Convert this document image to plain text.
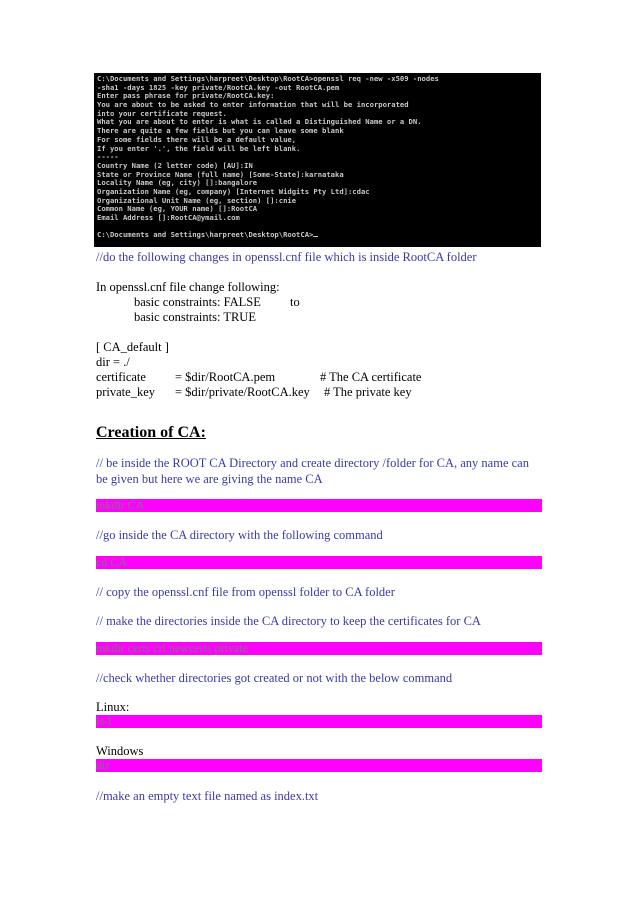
C:\Documents and Settings\harpreet\Desktop\RootCA>openssl req -new -x509 -nodes
-sha1 -days 1825 -key private/RootCA.key -out RootCA.pem
Enter pass phrase for private/RootCA.key:
You are about to be asked to enter information that will be incorporated
into your certificate request.
What you are about to enter is what is called a Distinguished Name or a DN.
There are quite a few fields but you can leave some blank
For some fields there will be a default value,
If you enter '.', the field will be left blank.
-----
Country Name (2 letter code) [AU]:IN
State or Province Name (full name) [Some-State]:karnataka
Locality Name (eg, city) []:bangalore
Organization Name (eg, company) [Internet Widgits Pty Ltd]:cdac
Organizational Unit Name (eg, section) []:cnie
Common Name (eg, YOUR name) []:RootCA
Email Address []:RootCA@ymail.com
C:\Documents and Settings\harpreet\Desktop\RootCA>
//do the following changes in openssl.cnf file which is inside RootCA folder
In openssl.cnf file change following:
basic constraints: FALSE to
basic constraints: TRUE
[ CA_default ]
dir = ./
certificate = $dir/RootCA.pem	# The CA certificate
private_key = $dir/private/RootCA.key # The private key
Creation of CA:
// be inside the ROOT CA Directory and create directory /folder for CA, any name can
be given but here we are giving the name CA
mkdir CA
//go inside the CA directory with the following command
cd CA
// copy the openssl.cnf file from openssl folder to CA folder
// make the directories inside the CA directory to keep the certificates for CA
mkdir certs crl newcerts private
//check whether directories got created or not with the below command
Linux:
ls-l
Windows
dir
//make an empty text file named as index.txt
